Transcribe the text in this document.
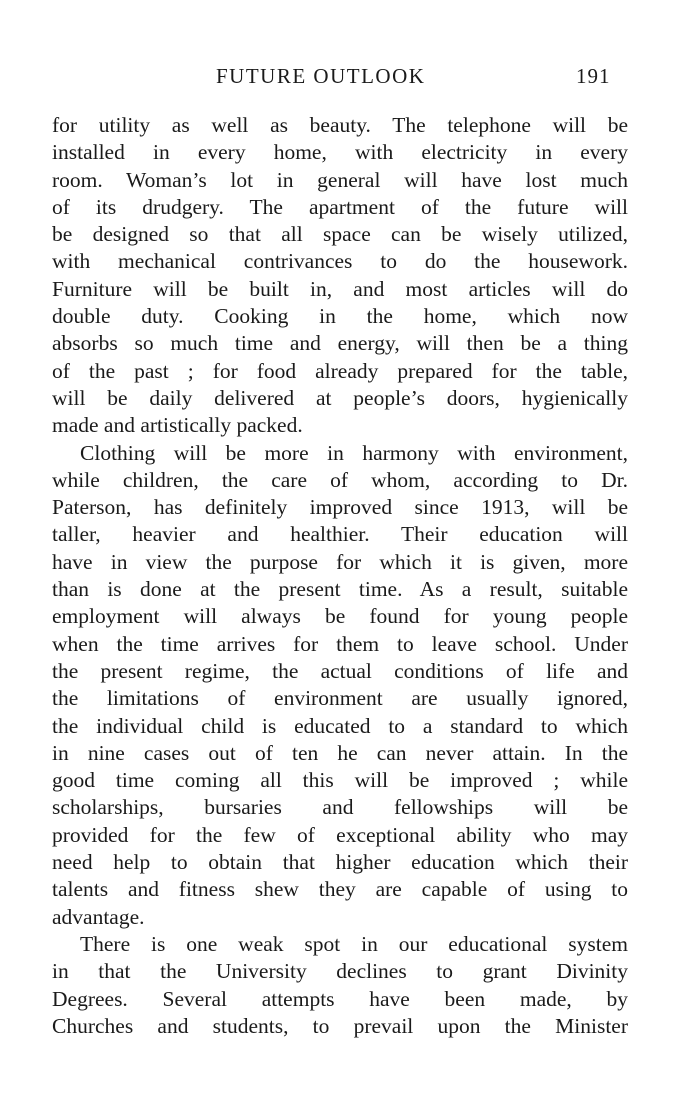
FUTURE OUTLOOK	191
for utility as well as beauty. The telephone will be
installed in every home, with electricity in every
room. Woman’s lot in general will have lost much
of its drudgery. The apartment of the future will
be designed so that all space can be wisely utilized,
with mechanical contrivances to do the housework.
Furniture will be built in, and most articles will do
double duty. Cooking in the home, which now
absorbs so much time and energy, will then be a thing
of the past ; for food already prepared for the table,
will be daily delivered at people’s doors, hygienically
made and artistically packed.
Clothing will be more in harmony with environment,
while children, the care of whom, according to Dr.
Paterson, has definitely improved since 1913, will be
taller, heavier and healthier. Their education will
have in view the purpose for which it is given, more
than is done at the present time. As a result, suitable
employment will always be found for young people
when the time arrives for them to leave school. Under
the present regime, the actual conditions of life and
the limitations of environment are usually ignored,
the individual child is educated to a standard to which
in nine cases out of ten he can never attain. In the
good time coming all this will be improved ; while
scholarships, bursaries and fellowships will be
provided for the few of exceptional ability who may
need help to obtain that higher education which their
talents and fitness shew they are capable of using to
advantage.
There is one weak spot in our educational system
in that the University declines to grant Divinity
Degrees. Several attempts have been made, by
Churches and students, to prevail upon the Minister
